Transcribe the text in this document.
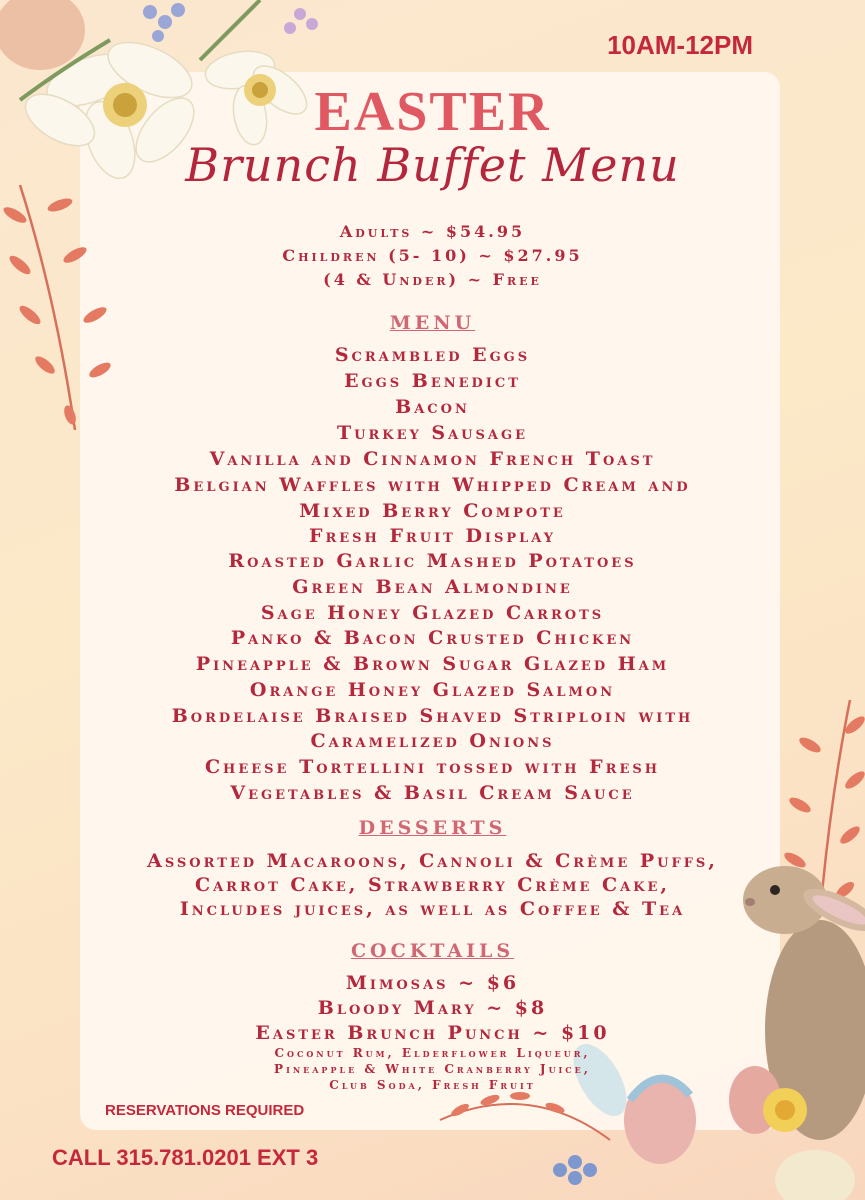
10AM-12PM
EASTER
Brunch Buffet Menu
Adults ~ $54.95
Children (5- 10) ~ $27.95
(4 & Under) ~ Free
MENU
Scrambled Eggs
Eggs Benedict
Bacon
Turkey Sausage
Vanilla and Cinnamon French Toast
Belgian Waffles with Whipped Cream and
Mixed Berry Compote
Fresh Fruit Display
Roasted Garlic Mashed Potatoes
Green Bean Almondine
Sage Honey Glazed Carrots
Panko & Bacon Crusted Chicken
Pineapple & Brown Sugar Glazed Ham
Orange Honey Glazed Salmon
Bordelaise Braised Shaved Striploin with
Caramelized Onions
Cheese Tortellini tossed with Fresh
Vegetables & Basil Cream Sauce
DESSERTS
Assorted Macaroons, Cannoli & Crème Puffs,
Carrot Cake, Strawberry Crème Cake,
Includes juices, as well as Coffee & Tea
COCKTAILS
Mimosas ~ $6
Bloody Mary ~ $8
Easter Brunch Punch ~ $10
Coconut Rum, Elderflower Liqueur,
Pineapple & White Cranberry Juice,
Club Soda, Fresh Fruit
RESERVATIONS REQUIRED
CALL 315.781.0201 EXT 3
